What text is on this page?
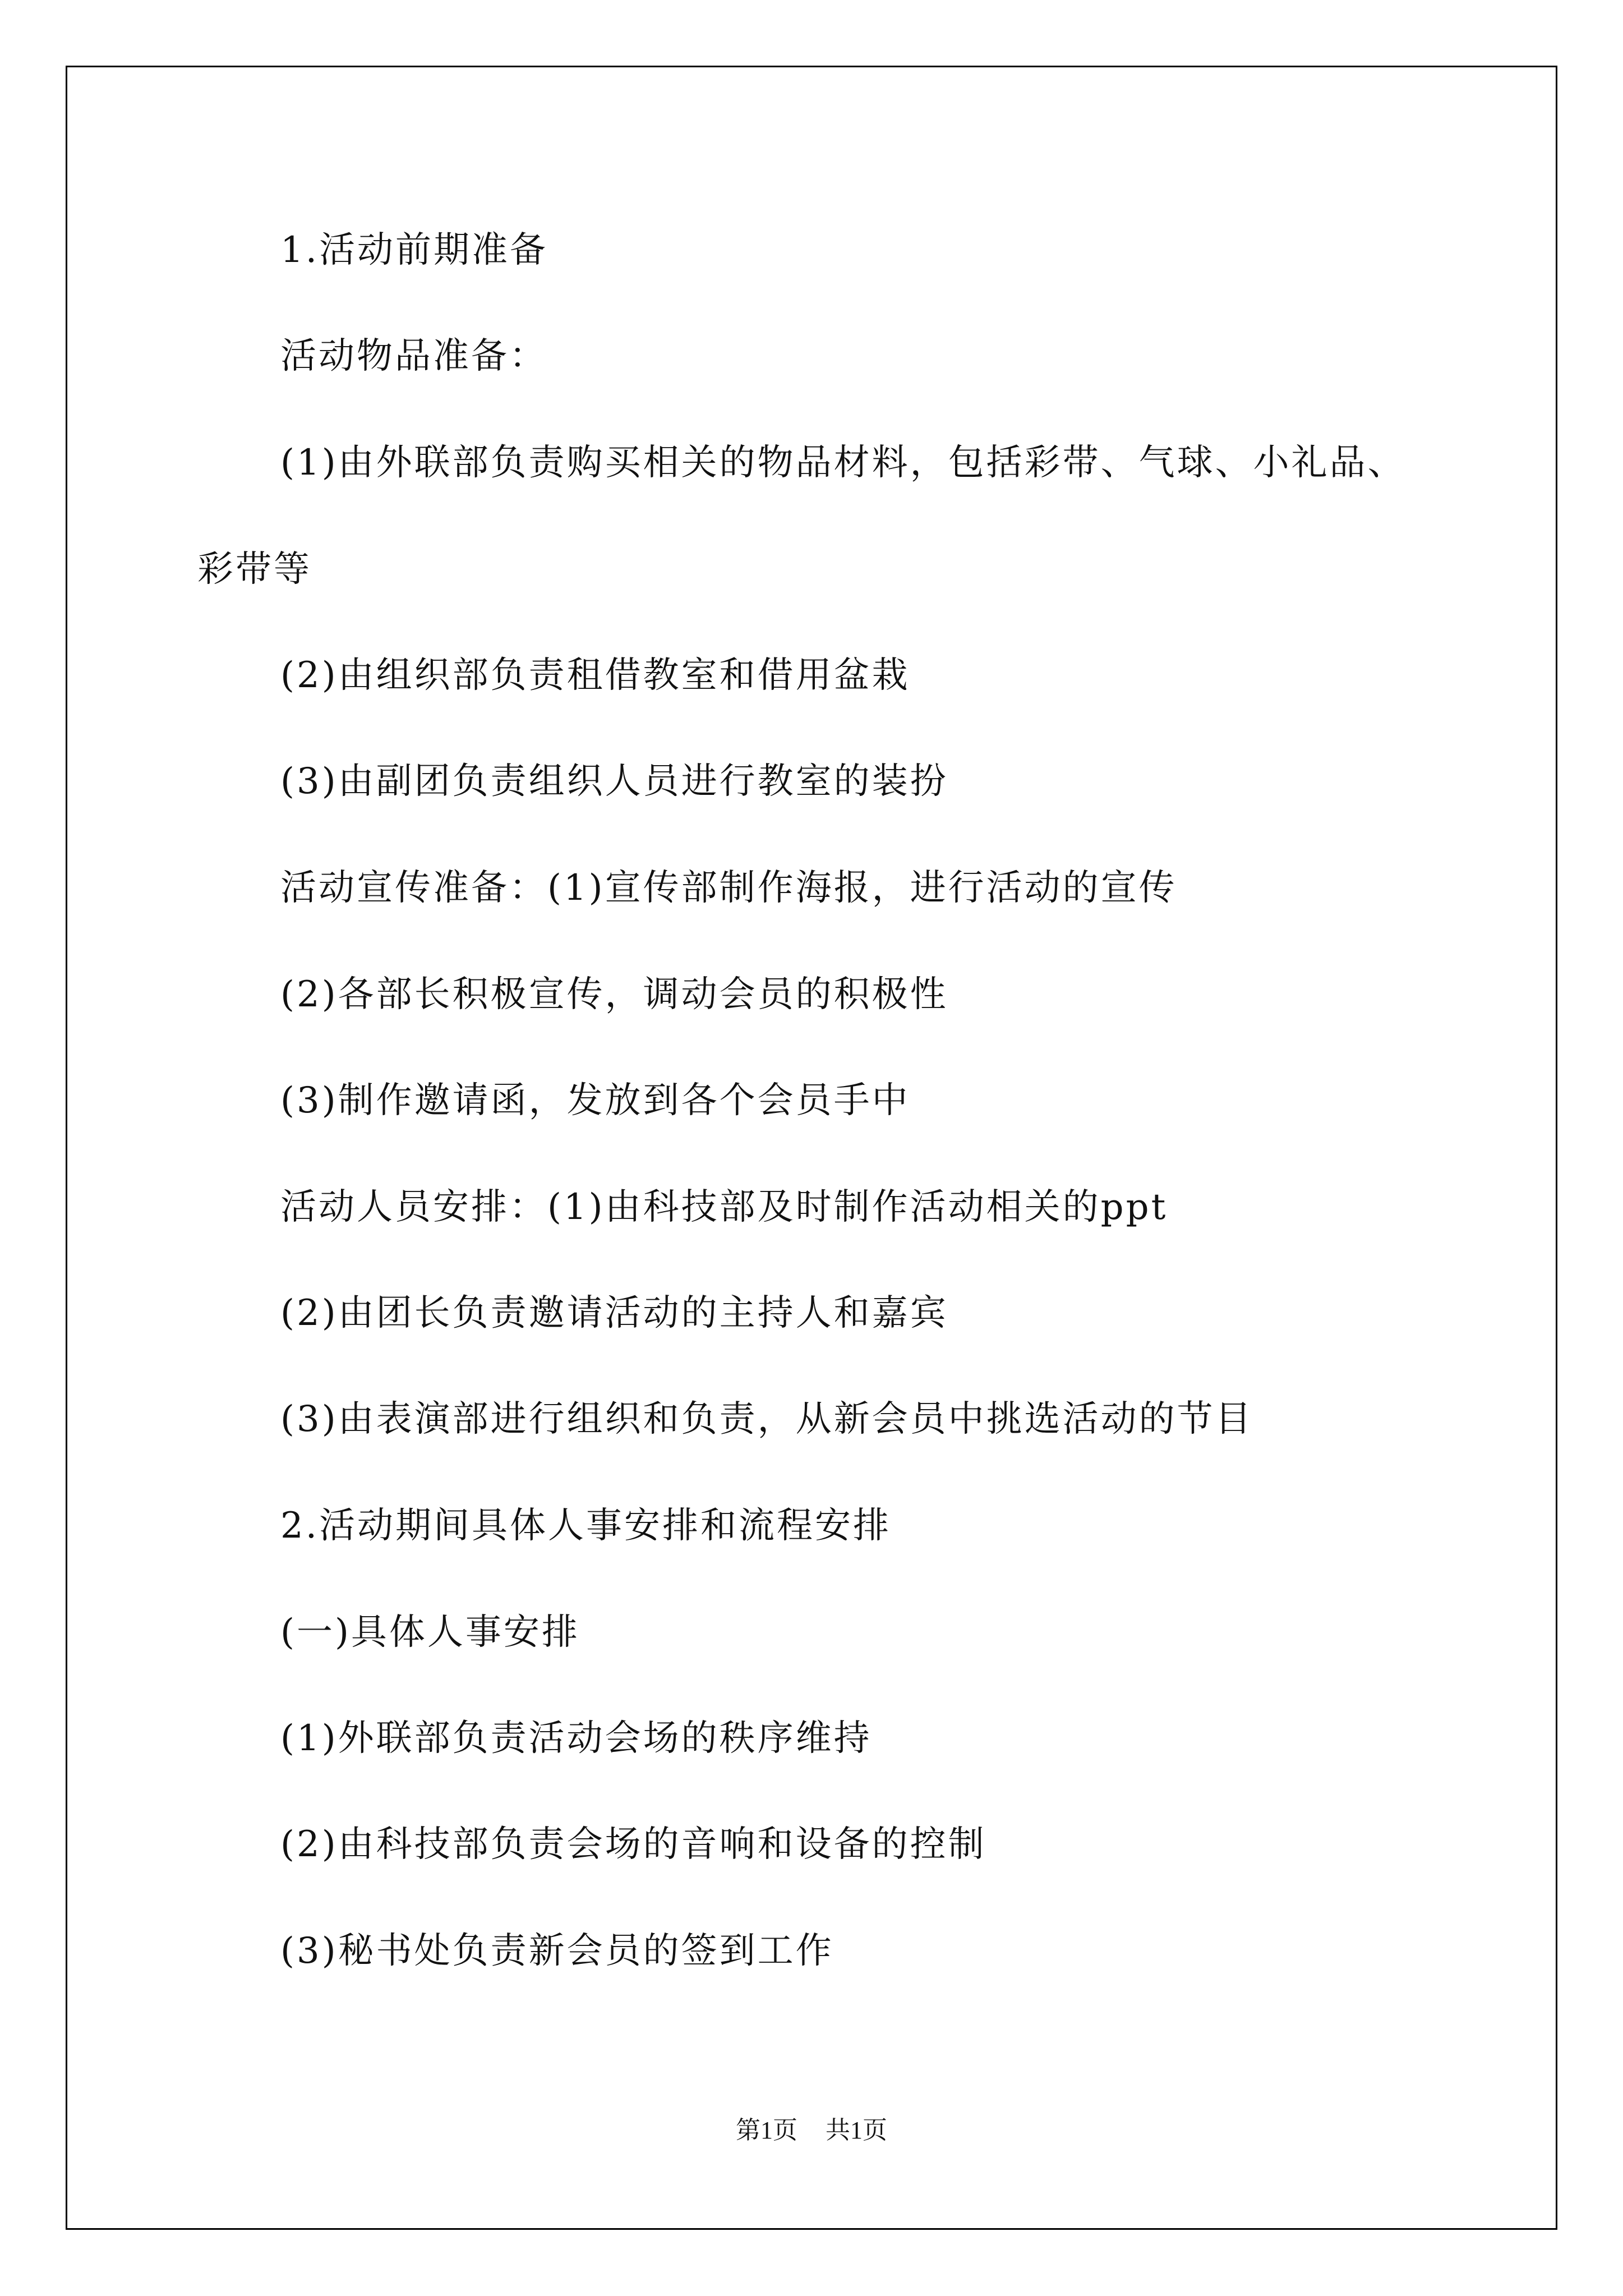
1.活动前期准备
活动物品准备：
(1)由外联部负责购买相关的物品材料，包括彩带、气球、小礼品、
彩带等
(2)由组织部负责租借教室和借用盆栽
(3)由副团负责组织人员进行教室的装扮
活动宣传准备：(1)宣传部制作海报，进行活动的宣传
(2)各部长积极宣传，调动会员的积极性
(3)制作邀请函，发放到各个会员手中
活动人员安排：(1)由科技部及时制作活动相关的ppt
(2)由团长负责邀请活动的主持人和嘉宾
(3)由表演部进行组织和负责，从新会员中挑选活动的节目
2.活动期间具体人事安排和流程安排
(一)具体人事安排
(1)外联部负责活动会场的秩序维持
(2)由科技部负责会场的音响和设备的控制
(3)秘书处负责新会员的签到工作
第1页 共1页
